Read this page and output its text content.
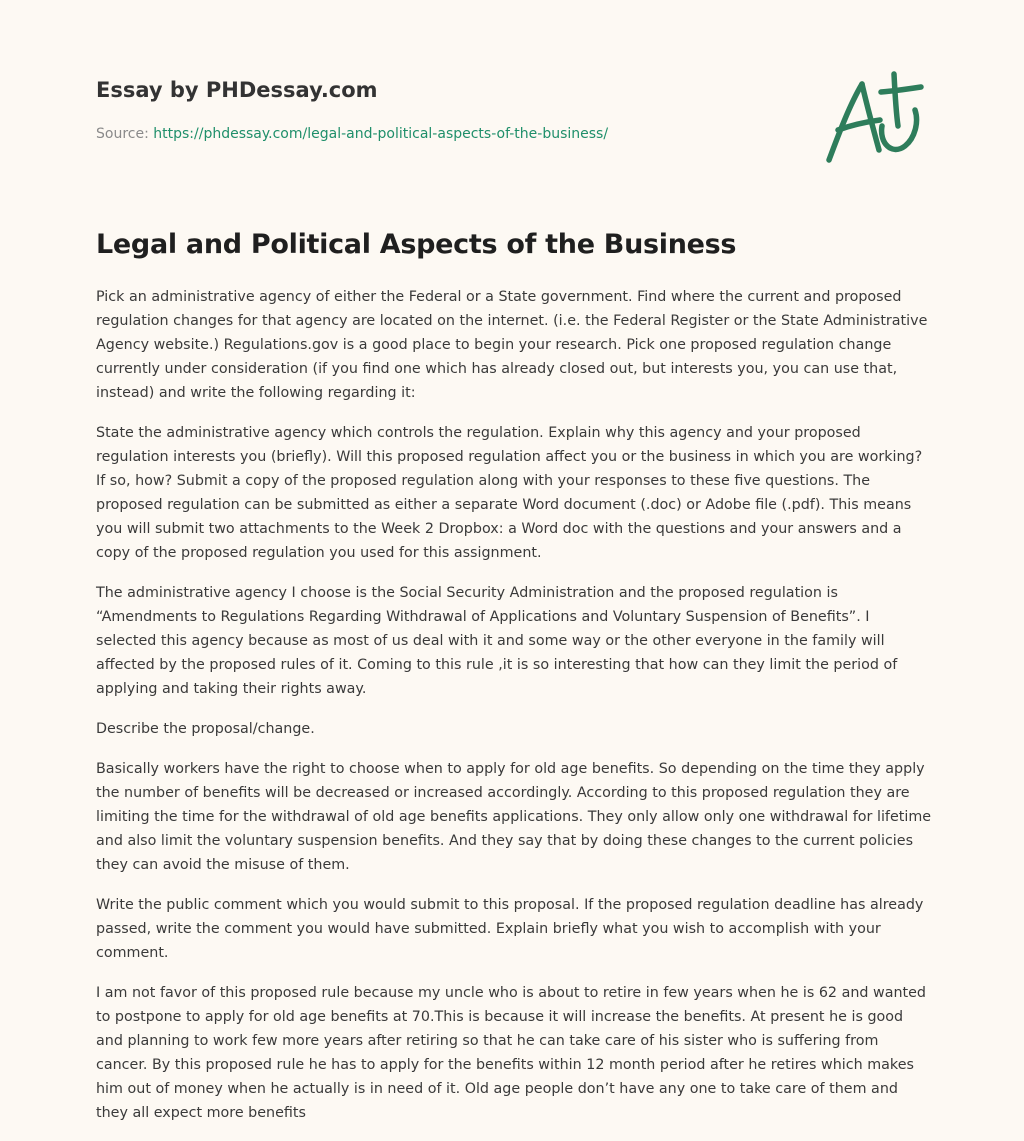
Essay by PHDessay.com
Source: https://phdessay.com/legal-and-political-aspects-of-the-business/
Legal and Political Aspects of the Business

Pick an administrative agency of either the Federal or a State government. Find where the current and proposed regulation changes for that agency are located on the internet. (i.e. the Federal Register or the State Administrative Agency website.) Regulations.gov is a good place to begin your research. Pick one proposed regulation change currently under consideration (if you find one which has already closed out, but interests you, you can use that, instead) and write the following regarding it:

State the administrative agency which controls the regulation. Explain why this agency and your proposed regulation interests you (briefly). Will this proposed regulation affect you or the business in which you are working? If so, how? Submit a copy of the proposed regulation along with your responses to these five questions. The proposed regulation can be submitted as either a separate Word document (.doc) or Adobe file (.pdf). This means you will submit two attachments to the Week 2 Dropbox: a Word doc with the questions and your answers and a copy of the proposed regulation you used for this assignment.

The administrative agency I choose is the Social Security Administration and the proposed regulation is “Amendments to Regulations Regarding Withdrawal of Applications and Voluntary Suspension of Benefits”. I selected this agency because as most of us deal with it and some way or the other everyone in the family will affected by the proposed rules of it. Coming to this rule ,it is so interesting that how can they limit the period of applying and taking their rights away.

Describe the proposal/change.

Basically workers have the right to choose when to apply for old age benefits. So depending on the time they apply the number of benefits will be decreased or increased accordingly. According to this proposed regulation they are limiting the time for the withdrawal of old age benefits applications. They only allow only one withdrawal for lifetime and also limit the voluntary suspension benefits. And they say that by doing these changes to the current policies they can avoid the misuse of them.

Write the public comment which you would submit to this proposal. If the proposed regulation deadline has already passed, write the comment you would have submitted. Explain briefly what you wish to accomplish with your comment.

I am not favor of this proposed rule because my uncle who is about to retire in few years when he is 62 and wanted to postpone to apply for old age benefits at 70.This is because it will increase the benefits. At present he is good and planning to work few more years after retiring so that he can take care of his sister who is suffering from cancer. By this proposed rule he has to apply for the benefits within 12 month period after he retires which makes him out of money when he actually is in need of it. Old age people don’t have any one to take care of them and they all expect more benefits
